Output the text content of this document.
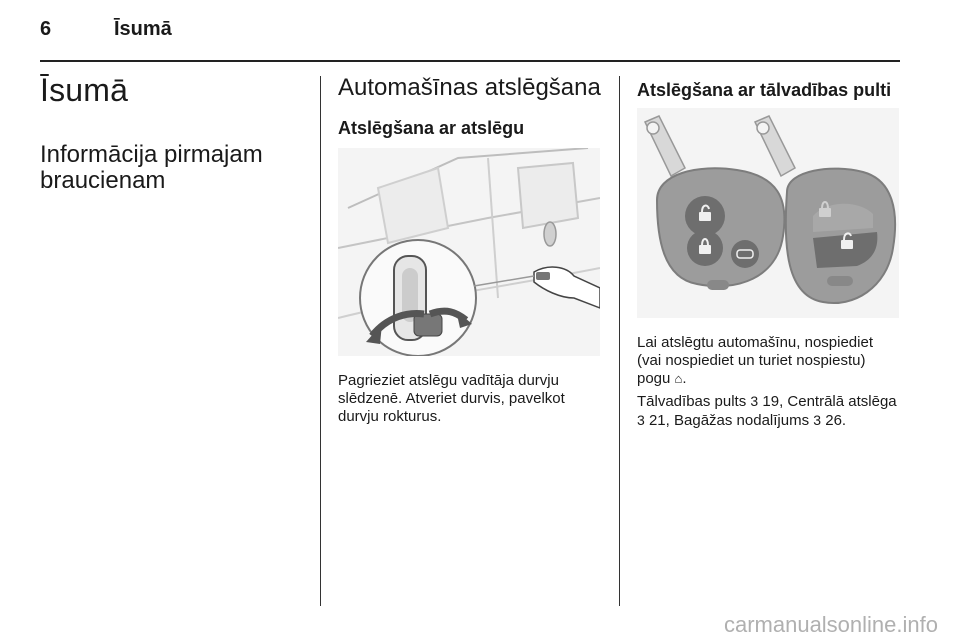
6	Īsumā
Īsumā
Informācija pirmajam braucienam
Automašīnas atslēgšana
Atslēgšana ar atslēgu
Pagrieziet atslēgu vadītāja durvju slēdzenē. Atveriet durvis, pavelkot durvju rokturus.
Atslēgšana ar tālvadības pulti
Lai atslēgtu automašīnu, nospiediet (vai nospiediet un turiet nospiestu) pogu ⌂.
Tālvadības pults 3 19, Centrālā atslēga 3 21, Bagāžas nodalījums 3 26.
carmanualsonline.info
